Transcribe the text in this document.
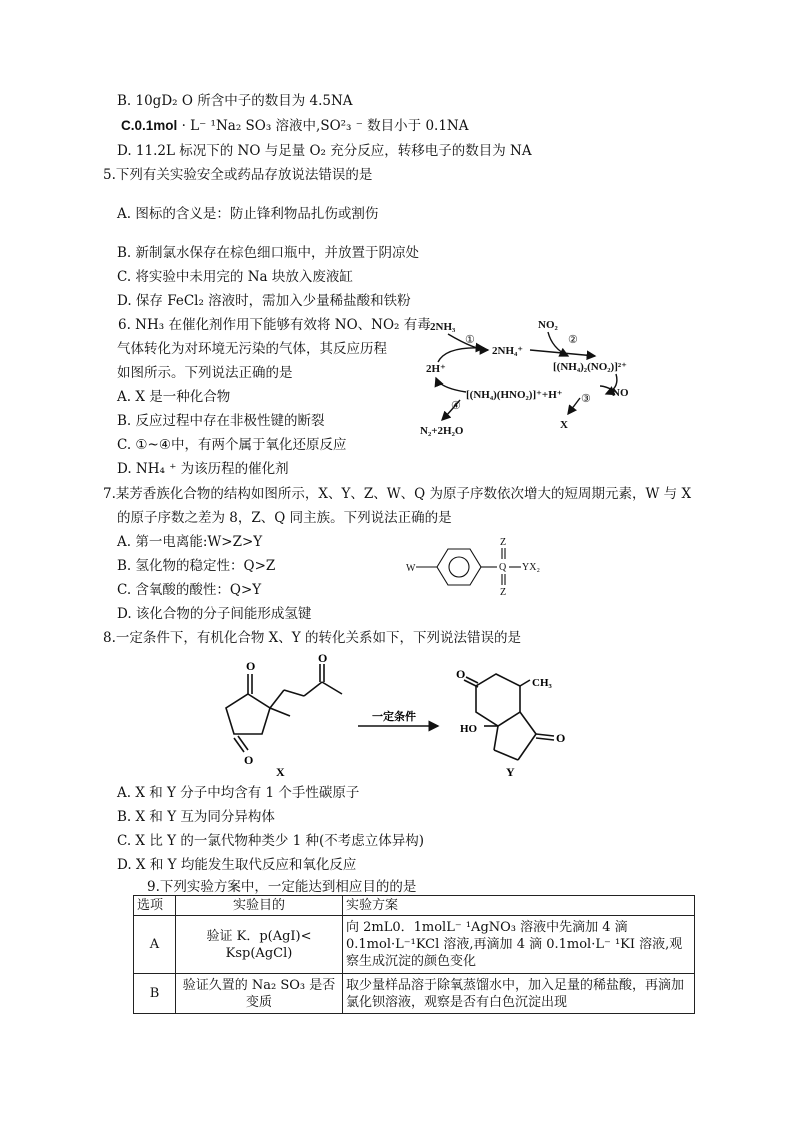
B. 10gD₂ O 所含中子的数目为 4.5NA
C.0.1mol · L⁻ ¹Na₂ SO₃ 溶液中,SO²₃ ⁻ 数目小于 0.1NA
D. 11.2L 标况下的 NO 与足量 O₂ 充分反应，转移电子的数目为 NA
5.下列有关实验安全或药品存放说法错误的是
A. 图标的含义是：防止锋利物品扎伤或割伤
B. 新制氯水保存在棕色细口瓶中，并放置于阴凉处
C. 将实验中未用完的 Na 块放入废液缸
D. 保存 FeCl₂ 溶液时，需加入少量稀盐酸和铁粉
6. NH₃ 在催化剂作用下能够有效将 NO、NO₂ 有毒
气体转化为对环境无污染的气体，其反应历程
如图所示。下列说法正确的是
A. X 是一种化合物
B. 反应过程中存在非极性键的断裂
C. ①~④中，有两个属于氧化还原反应
D. NH₄ ⁺ 为该历程的催化剂
2NH₃
2NH₄⁺
NO₂
[(NH₄)₂(NO₂)]²⁺
NO
[(NH₄)(HNO₂)]⁺+H⁺
2H⁺
N₂+2H₂O	X
①	②
③
④
7.某芳香族化合物的结构如图所示，X、Y、Z、W、Q 为原子序数依次增大的短周期元素，W 与 X
的原子序数之差为 8，Z、Q 同主族。下列说法正确的是
A. 第一电离能:W>Z>Y
B. 氢化物的稳定性：Q>Z
C. 含氧酸的酸性：Q>Y
D. 该化合物的分子间能形成氢键
W	Q
Z
Z
YX₂
8.一定条件下，有机化合物 X、Y 的转化关系如下，下列说法错误的是
O
O
O
X
一定条件
O
O
CH₃
HO
Y
A. X 和 Y 分子中均含有 1 个手性碳原子
B. X 和 Y 互为同分异构体
C. X 比 Y 的一氯代物种类少 1 种(不考虑立体异构)
D. X 和 Y 均能发生取代反应和氧化反应
9.下列实验方案中，一定能达到相应目的的是
选项	实验目的	实验方案
A	验证 K．p(AgI)< Ksp(AgCl)	向 2mL0．1molL⁻ ¹AgNO₃ 溶液中先滴加 4 滴 0.1mol·L⁻¹KCl 溶液,再滴加 4 滴 0.1mol·L⁻ ¹KI 溶液,观察生成沉淀的颜色变化
B	验证久置的 Na₂ SO₃ 是否变质	取少量样品溶于除氧蒸馏水中，加入足量的稀盐酸，再滴加氯化钡溶液，观察是否有白色沉淀出现
